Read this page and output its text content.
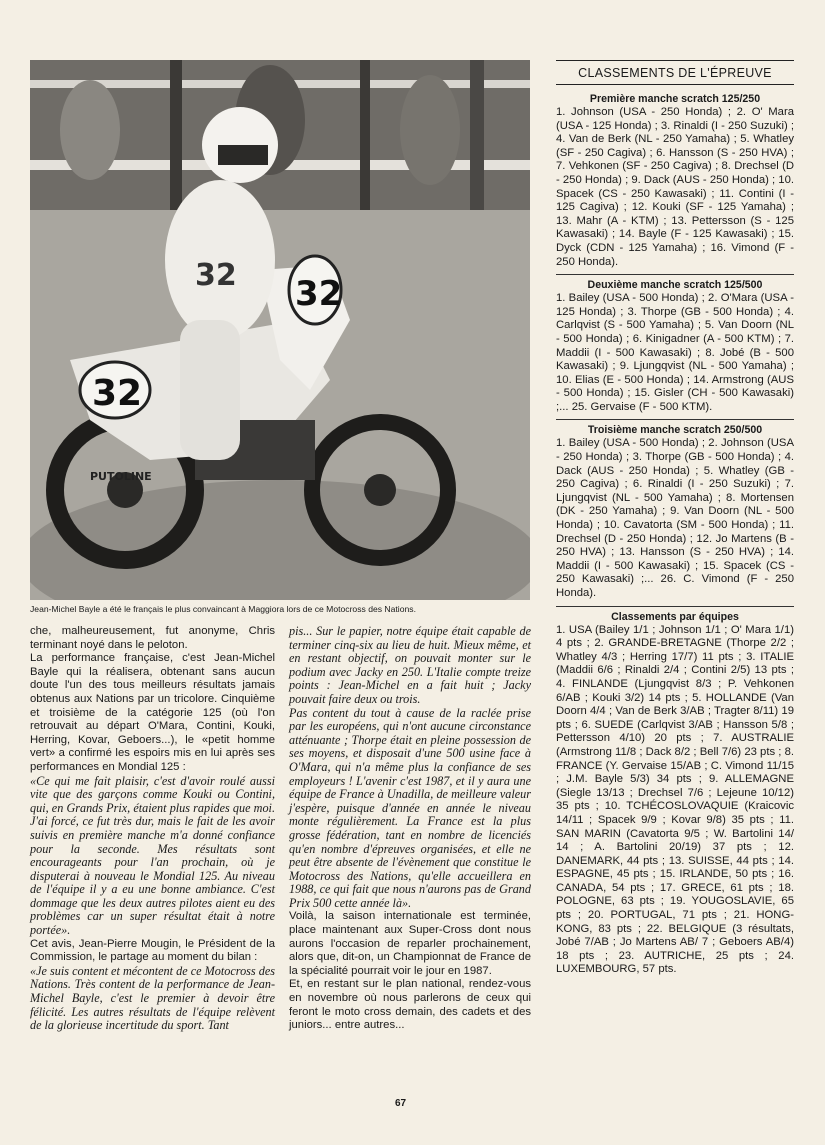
32
32
32
PUTOLINE
Jean-Michel Bayle a été le français le plus convaincant à Maggiora lors de ce Motocross des Nations.

che, malheureusement, fut anonyme, Chris terminant noyé dans le peloton.

La performance française, c'est Jean-Michel Bayle qui la réalisera, obtenant sans aucun doute l'un des tous meilleurs résultats jamais obtenus aux Nations par un tricolore. Cinquième et troisième de la catégorie 125 (où l'on retrouvait au départ O'Mara, Contini, Kouki, Herring, Kovar, Geboers...), le «petit homme vert» a confirmé les espoirs mis en lui après ses performances en Mondial 125 :

«Ce qui me fait plaisir, c'est d'avoir roulé aussi vite que des garçons comme Kouki ou Contini, qui, en Grands Prix, étaient plus rapides que moi. J'ai forcé, ce fut très dur, mais le fait de les avoir suivis en première manche m'a donné confiance pour la seconde. Mes résultats sont encourageants pour l'an prochain, où je disputerai à nouveau le Mondial 125. Au niveau de l'équipe il y a eu une bonne ambiance. C'est dommage que les deux autres pilotes aient eu des problèmes car un super résultat était à notre portée».

Cet avis, Jean-Pierre Mougin, le Président de la Commission, le partage au moment du bilan :

«Je suis content et mécontent de ce Motocross des Nations. Très content de la performance de Jean-Michel Bayle, c'est le premier à devoir être félicité. Les autres résultats de l'équipe relèvent de la glorieuse incertitude du sport. Tant

pis... Sur le papier, notre équipe était capable de terminer cinq-six au lieu de huit. Mieux même, et en restant objectif, on pouvait monter sur le podium avec Jacky en 250. L'Italie compte treize points : Jean-Michel en a fait huit ; Jacky pouvait faire deux ou trois.

Pas content du tout à cause de la raclée prise par les européens, qui n'ont aucune circonstance atténuante ; Thorpe était en pleine possession de ses moyens, et disposait d'une 500 usine face à O'Mara, qui n'a même plus la confiance de ses employeurs ! L'avenir c'est 1987, et il y aura une équipe de France à Unadilla, de meilleure valeur j'espère, puisque d'année en année le niveau monte régulièrement. La France est la plus grosse fédération, tant en nombre de licenciés qu'en nombre d'épreuves organisées, et elle ne peut être absente de l'évènement que constitue le Motocross des Nations, qu'elle accueillera en 1988, ce qui fait que nous n'aurons pas de Grand Prix 500 cette année là».

Voilà, la saison internationale est terminée, place maintenant aux Super-Cross dont nous aurons l'occasion de reparler prochainement, alors que, dit-on, un Championnat de France de la spécialité pourrait voir le jour en 1987.

Et, en restant sur le plan national, rendez-vous en novembre où nous parlerons de ceux qui feront le moto cross demain, des cadets et des juniors... entre autres...

CLASSEMENTS DE L'ÉPREUVE
Première manche scratch 125/250

1. Johnson (USA - 250 Honda) ; 2. O' Mara (USA - 125 Honda) ; 3. Rinaldi (I - 250 Suzuki) ; 4. Van de Berk (NL - 250 Yamaha) ; 5. Whatley (SF - 250 Cagiva) ; 6. Hansson (S - 250 HVA) ; 7. Vehkonen (SF - 250 Cagiva) ; 8. Drechsel (D - 250 Honda) ; 9. Dack (AUS - 250 Honda) ; 10. Spacek (CS - 250 Kawasaki) ; 11. Contini (I - 125 Cagiva) ; 12. Kouki (SF - 125 Yamaha) ; 13. Mahr (A - KTM) ; 13. Pettersson (S - 125 Kawasaki) ; 14. Bayle (F - 125 Kawasaki) ; 15. Dyck (CDN - 125 Yamaha) ; 16. Vimond (F - 250 Honda).

Deuxième manche scratch 125/500

1. Bailey (USA - 500 Honda) ; 2. O'Mara (USA - 125 Honda) ; 3. Thorpe (GB - 500 Honda) ; 4. Carlqvist (S - 500 Yamaha) ; 5. Van Doorn (NL - 500 Honda) ; 6. Kinigadner (A - 500 KTM) ; 7. Maddii (I - 500 Kawasaki) ; 8. Jobé (B - 500 Kawasaki) ; 9. Ljungqvist (NL - 500 Yamaha) ; 10. Elias (E - 500 Honda) ; 14. Armstrong (AUS - 500 Honda) ; 15. Gisler (CH - 500 Kawasaki) ;... 25. Gervaise (F - 500 KTM).

Troisième manche scratch 250/500

1. Bailey (USA - 500 Honda) ; 2. Johnson (USA - 250 Honda) ; 3. Thorpe (GB - 500 Honda) ; 4. Dack (AUS - 250 Honda) ; 5. Whatley (GB - 250 Cagiva) ; 6. Rinaldi (I - 250 Suzuki) ; 7. Ljungqvist (NL - 500 Yamaha) ; 8. Mortensen (DK - 250 Yamaha) ; 9. Van Doorn (NL - 500 Honda) ; 10. Cavatorta (SM - 500 Honda) ; 11. Drechsel (D - 250 Honda) ; 12. Jo Martens (B - 250 HVA) ; 13. Hansson (S - 250 HVA) ; 14. Maddii (I - 500 Kawasaki) ; 15. Spacek (CS - 250 Kawasaki) ;... 26. C. Vimond (F - 250 Honda).

Classements par équipes

1. USA (Bailey 1/1 ; Johnson 1/1 ; O' Mara 1/1) 4 pts ; 2. GRANDE-BRETAGNE (Thorpe 2/2 ; Whatley 4/3 ; Herring 17/7) 11 pts ; 3. ITALIE (Maddii 6/6 ; Rinaldi 2/4 ; Contini 2/5) 13 pts ; 4. FINLANDE (Ljungqvist 8/3 ; P. Vehkonen 6/AB ; Kouki 3/2) 14 pts ; 5. HOLLANDE (Van Doorn 4/4 ; Van de Berk 3/AB ; Tragter 8/11) 19 pts ; 6. SUEDE (Carlqvist 3/AB ; Hansson 5/8 ; Pettersson 4/10) 20 pts ; 7. AUSTRALIE (Armstrong 11/8 ; Dack 8/2 ; Bell 7/6) 23 pts ; 8. FRANCE (Y. Gervaise 15/AB ; C. Vimond 11/15 ; J.M. Bayle 5/3) 34 pts ; 9. ALLEMAGNE (Siegle 13/13 ; Drechsel 7/6 ; Lejeune 10/12) 35 pts ; 10. TCHÉCOSLOVAQUIE (Kraicovic 14/11 ; Spacek 9/9 ; Kovar 9/8) 35 pts ; 11. SAN MARIN (Cavatorta 9/5 ; W. Bartolini 14/ 14 ; A. Bartolini 20/19) 37 pts ; 12. DANEMARK, 44 pts ; 13. SUISSE, 44 pts ; 14. ESPAGNE, 45 pts ; 15. IRLANDE, 50 pts ; 16. CANADA, 54 pts ; 17. GRECE, 61 pts ; 18. POLOGNE, 63 pts ; 19. YOUGOSLAVIE, 65 pts ; 20. PORTUGAL, 71 pts ; 21. HONG-KONG, 83 pts ; 22. BELGIQUE (3 résultats, Jobé 7/AB ; Jo Martens AB/ 7 ; Geboers AB/4) 18 pts ; 23. AUTRICHE, 25 pts ; 24. LUXEMBOURG, 57 pts.

67
